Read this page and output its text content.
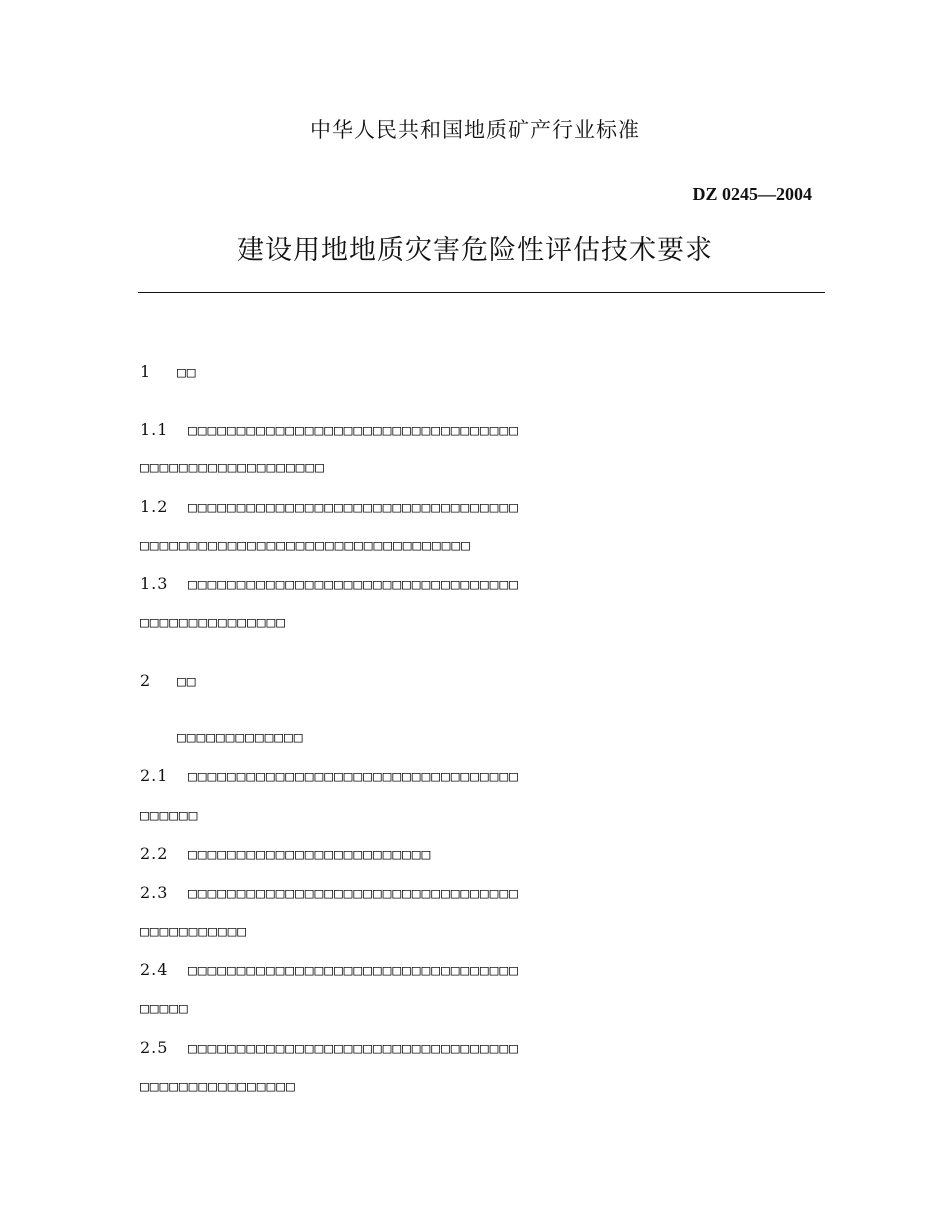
中华人民共和国地质矿产行业标准
DZ 0245—2004
建设用地地质灾害危险性评估技术要求
1 □□
1.1 □□□□□□□□□□□□□□□□□□□□□□□□□□□□□□□□□□
□□□□□□□□□□□□□□□□□□□
1.2 □□□□□□□□□□□□□□□□□□□□□□□□□□□□□□□□□□
□□□□□□□□□□□□□□□□□□□□□□□□□□□□□□□□□□
1.3 □□□□□□□□□□□□□□□□□□□□□□□□□□□□□□□□□□
□□□□□□□□□□□□□□□
2 □□
□□□□□□□□□□□□□
2.1 □□□□□□□□□□□□□□□□□□□□□□□□□□□□□□□□□□
□□□□□□
2.2 □□□□□□□□□□□□□□□□□□□□□□□□□
2.3 □□□□□□□□□□□□□□□□□□□□□□□□□□□□□□□□□□
□□□□□□□□□□□
2.4 □□□□□□□□□□□□□□□□□□□□□□□□□□□□□□□□□□
□□□□□
2.5 □□□□□□□□□□□□□□□□□□□□□□□□□□□□□□□□□□
□□□□□□□□□□□□□□□□
